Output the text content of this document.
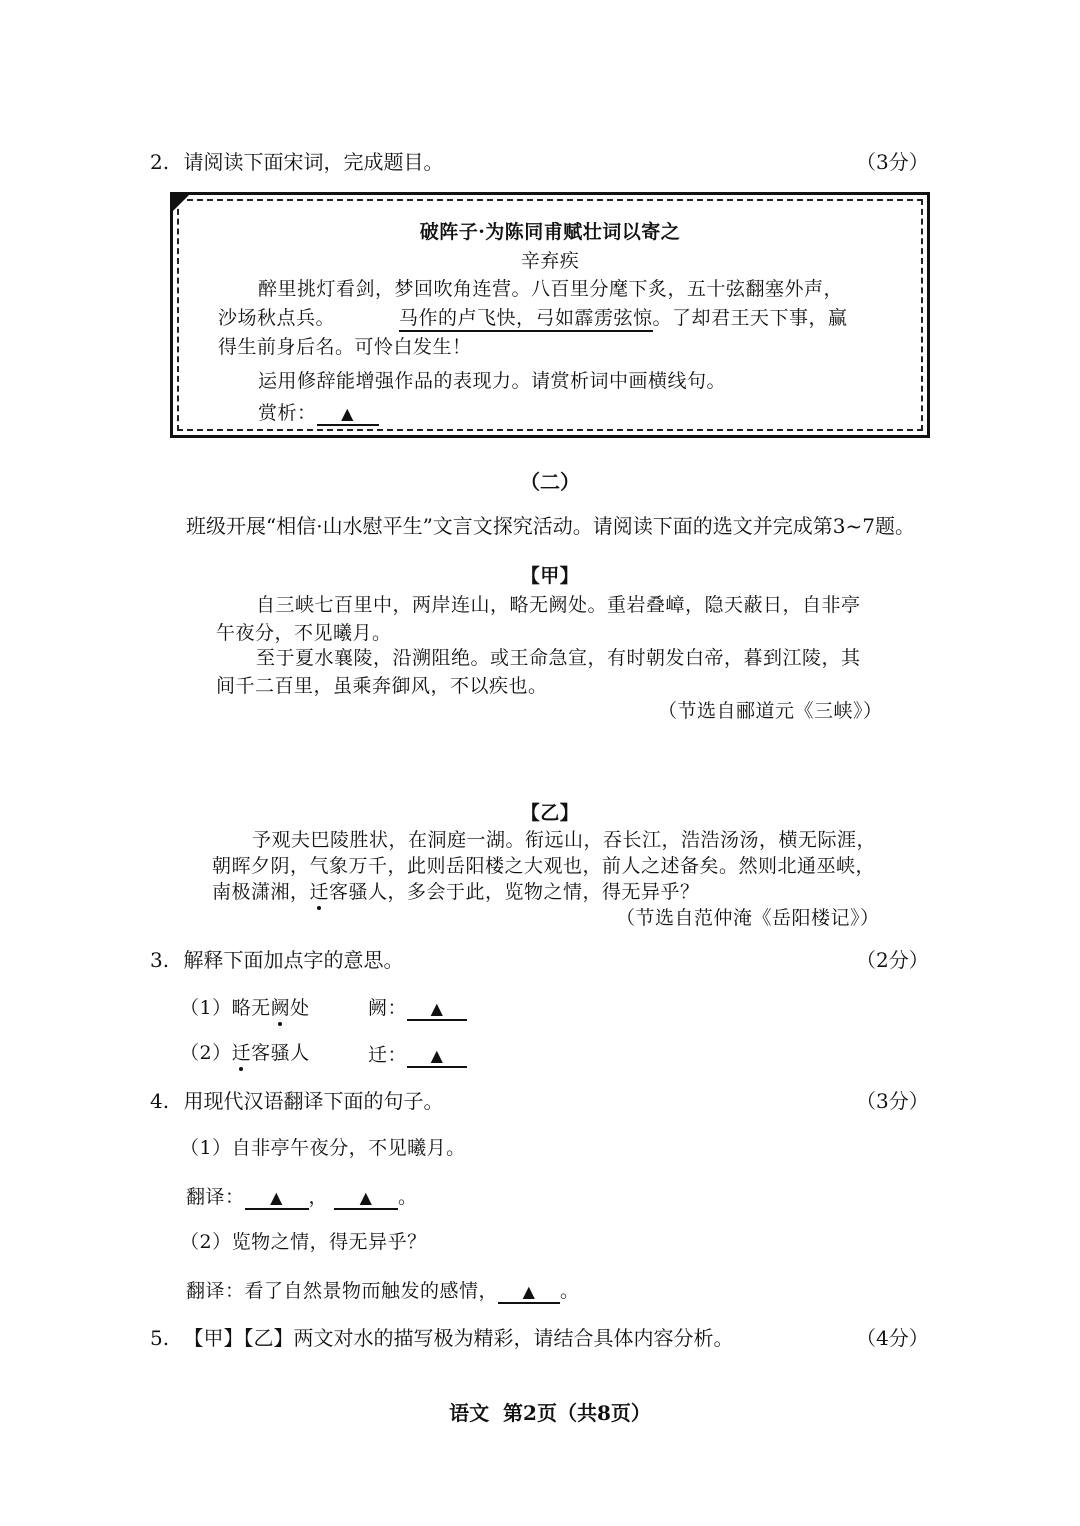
2. 请阅读下面宋词，完成题目。	（3分）
破阵子·为陈同甫赋壮词以寄之
辛弃疾
醉里挑灯看剑，梦回吹角连营。八百里分麾下炙，五十弦翻塞外声，
沙场秋点兵。	马作的卢飞快，弓如霹雳弦惊。了却君王天下事，赢
得生前身后名。可怜白发生！
运用修辞能增强作品的表现力。请赏析词中画横线句。
赏析： ▲
（二）
班级开展“相信·山水慰平生”文言文探究活动。请阅读下面的选文并完成第3~7题。
【甲】
自三峡七百里中，两岸连山，略无阙处。重岩叠嶂，隐天蔽日，自非亭
午夜分，不见曦月。
至于夏水襄陵，沿溯阻绝。或王命急宣，有时朝发白帝，暮到江陵，其
间千二百里，虽乘奔御风，不以疾也。
（节选自郦道元《三峡》）
【乙】
予观夫巴陵胜状，在洞庭一湖。衔远山，吞长江，浩浩汤汤，横无际涯，
朝晖夕阴，气象万千，此则岳阳楼之大观也，前人之述备矣。然则北通巫峡，
南极潇湘，迁客骚人，多会于此，览物之情，得无异乎？
（节选自范仲淹《岳阳楼记》）
3. 解释下面加点字的意思。	（2分）
（1）略无阙处	阙： ▲
（2）迁客骚人	迁： ▲
4. 用现代汉语翻译下面的句子。	（3分）
（1）自非亭午夜分，不见曦月。
翻译： ▲ ， ▲ 。
（2）览物之情，得无异乎？
翻译：看了自然景物而触发的感情， ▲ 。
5. 【甲】【乙】两文对水的描写极为精彩，请结合具体内容分析。	（4分）
语文  第2页（共8页）
